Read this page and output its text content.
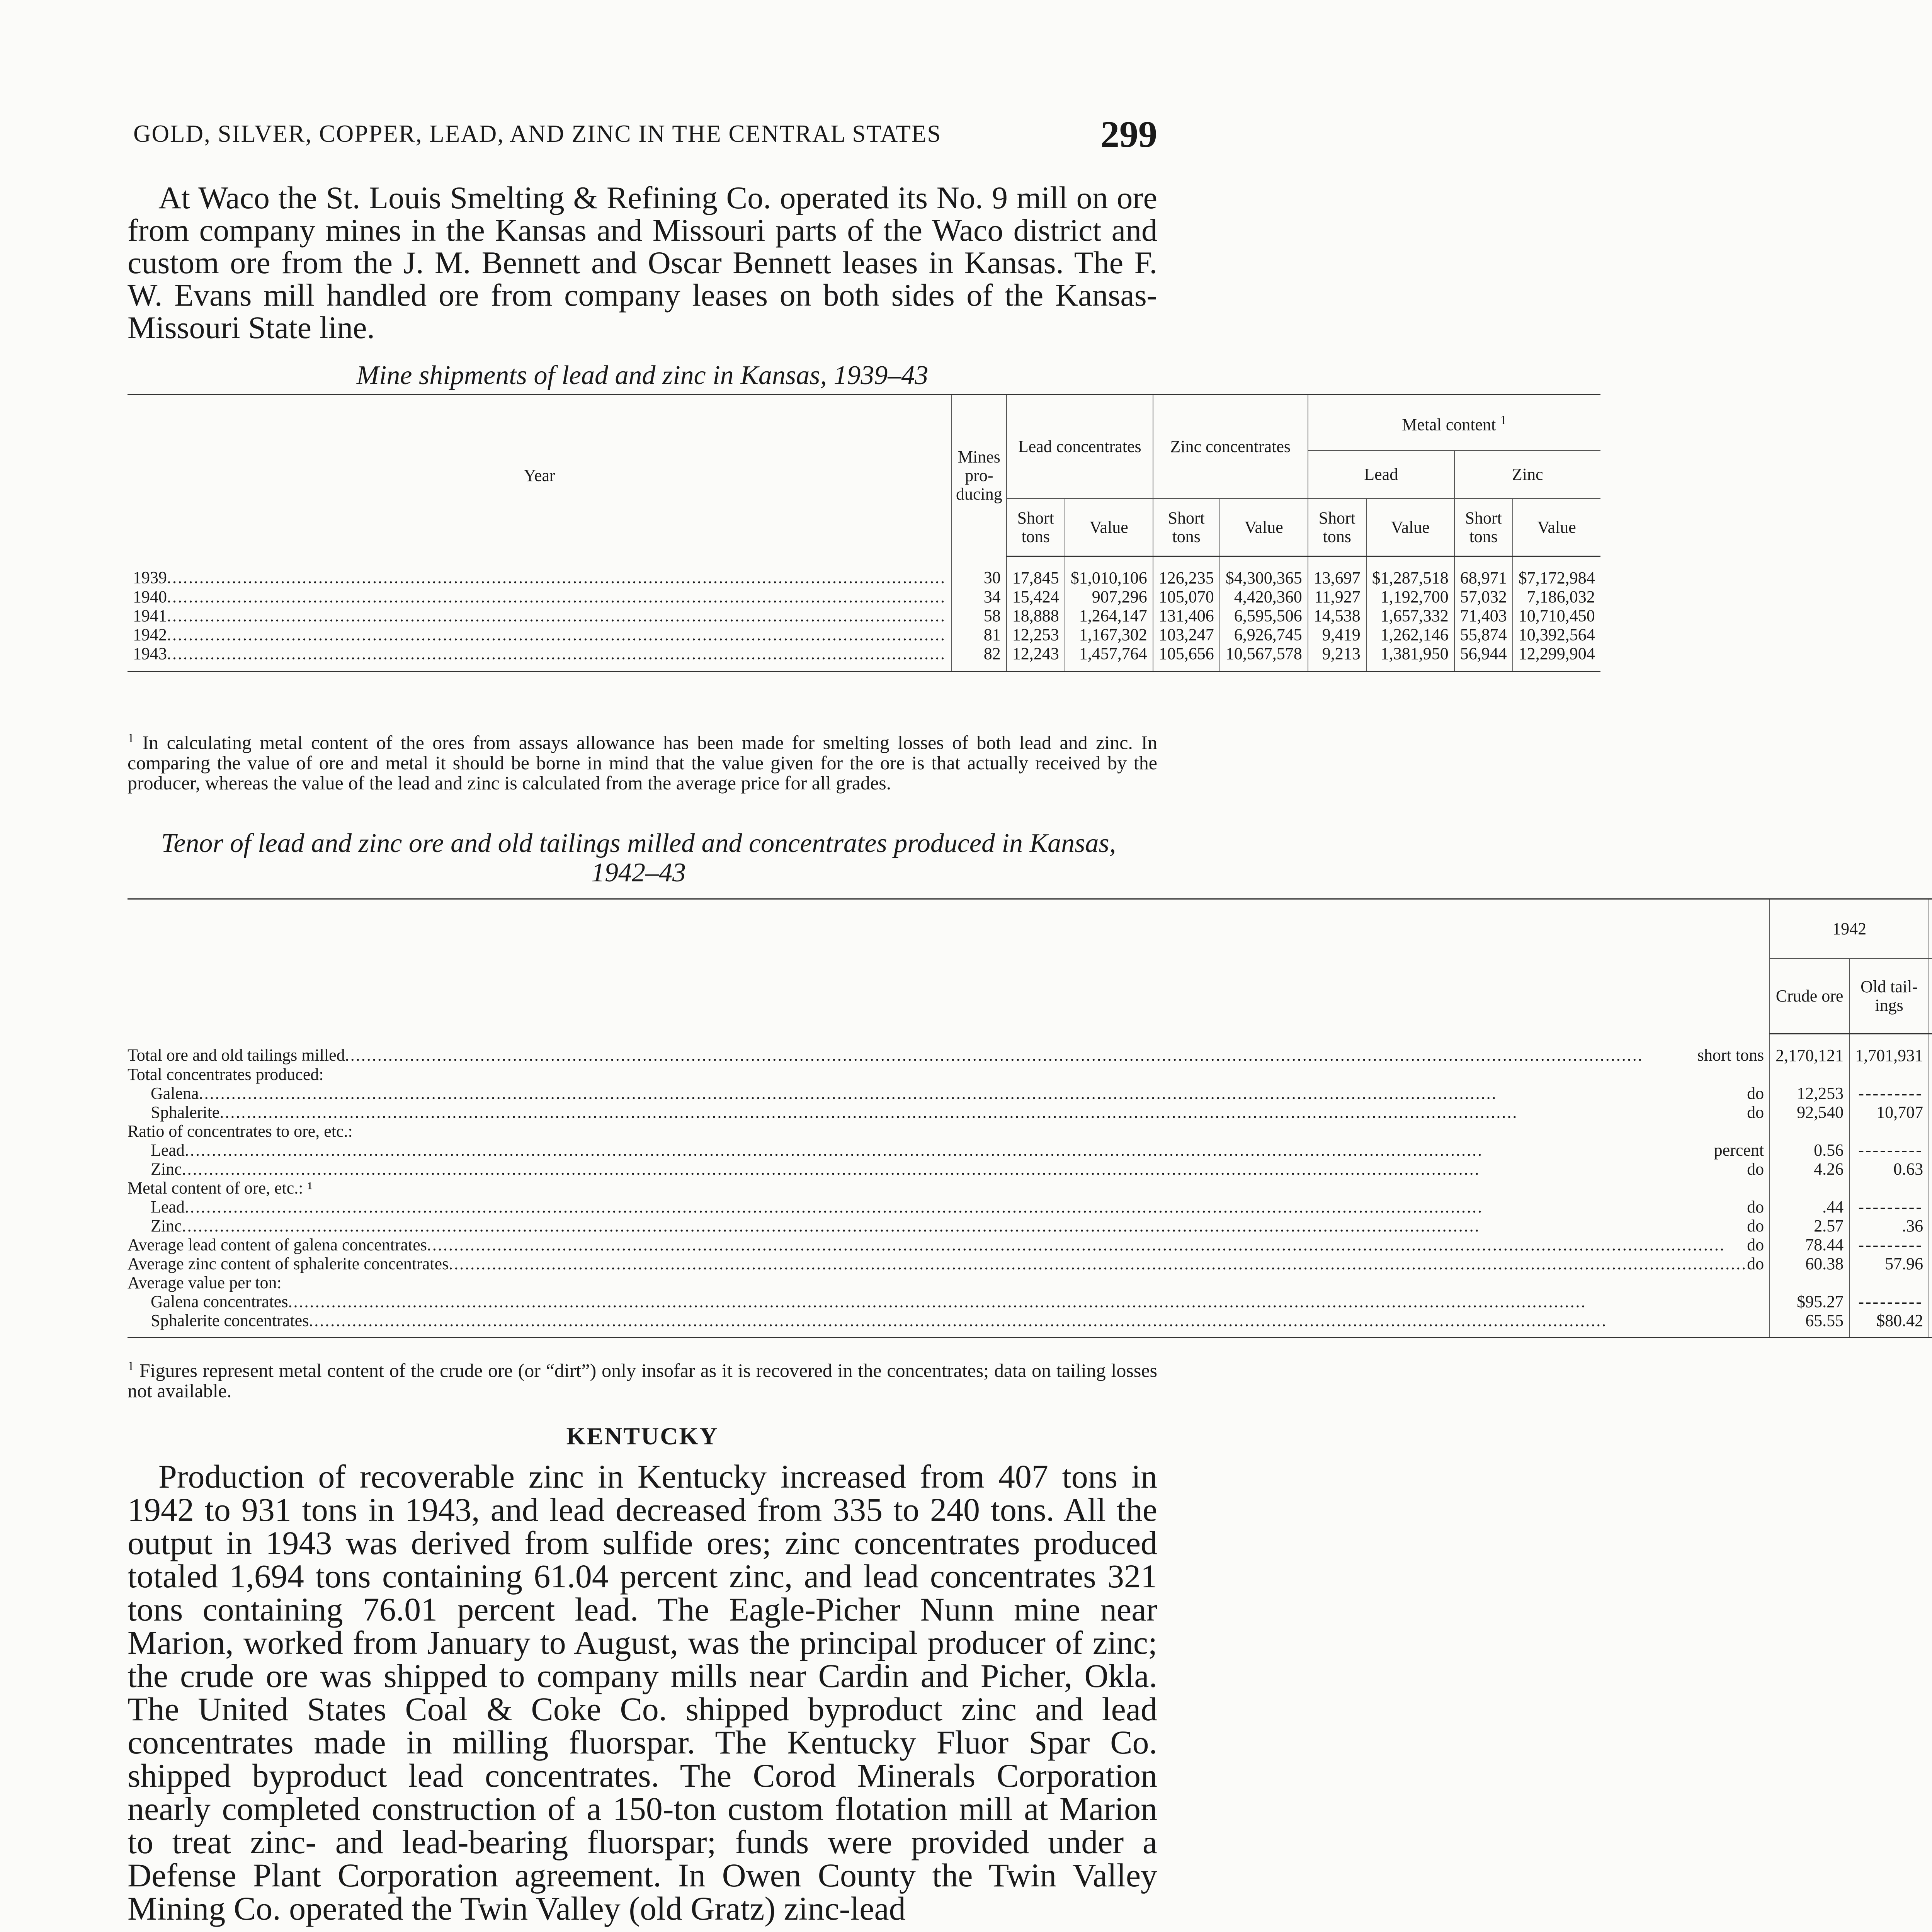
GOLD, SILVER, COPPER, LEAD, AND ZINC IN THE CENTRAL STATES	299

At Waco the St. Louis Smelting & Refining Co. operated its No. 9 mill on ore from company mines in the Kansas and Missouri parts of the Waco district and custom ore from the J. M. Bennett and Oscar Bennett leases in Kansas. The F. W. Evans mill handled ore from company leases on both sides of the Kansas-Missouri State line.

Mine shipments of lead and zinc in Kansas, 1939–43

Year	Mines pro- ducing	Lead concentrates		Zinc concentrates		Metal content $^1$
						Lead		Zinc	
		Short tons	Value	Short tons	Value	Short tons	Value	Short tons	Value

1939
.....	30	17,845	$1,010,106	126,235	$4,300,365	13,697	$1,287,518	68,971	$7,172,984

1940
.....	34	15,424	907,296	105,070	4,420,360	11,927	1,192,700	57,032	7,186,032

1941
.....	58	18,888	1,264,147	131,406	6,595,506	14,538	1,657,332	71,403	10,710,450

1942
.....	81	12,253	1,167,302	103,247	6,926,745	9,419	1,262,146	55,874	10,392,564

1943
.....	82	12,243	1,457,764	105,656	10,567,578	9,213	1,381,950	56,944	12,299,904

$^1$ In calculating metal content of the ores from assays allowance has been made for smelting losses of both lead and zinc. In comparing the value of ore and metal it should be borne in mind that the value given for the ore is that actually received by the producer, whereas the value of the lead and zinc is calculated from the average price for all grades.

Tenor of lead and zinc ore and old tailings milled and concentrates produced in Kansas, 1942–43

	1942	
	Crude ore	Old tail- ings		

Total ore and old tailings milled ..... short tons	2,170,121	1,701,931		

Total concentrates produced:				

Galena ..... do	12,253	---------		

Sphalerite ..... do	92,540	10,707		

Ratio of concentrates to ore, etc.:				

Lead ..... percent	0.56	---------		

Zinc ..... do	4.26	0.63		

Metal content of ore, etc.: ¹				

Lead ..... do	.44	---------		

Zinc ..... do	2.57	.36		

Average lead content of galena concentrates ..... do	78.44	---------		

Average zinc content of sphalerite concentrates ..... do	60.38	57.96		

Average value per ton:				

Galena concentrates
.....	$95.27	---------		

Sphalerite concentrates
.....	65.55	$80.42		

$^1$ Figures represent metal content of the crude ore (or “dirt”) only insofar as it is recovered in the concentrates; data on tailing losses not available.

KENTUCKY

Production of recoverable zinc in Kentucky increased from 407 tons in 1942 to 931 tons in 1943, and lead decreased from 335 to 240 tons. All the output in 1943 was derived from sulfide ores; zinc concentrates produced totaled 1,694 tons containing 61.04 percent zinc, and lead concentrates 321 tons containing 76.01 percent lead. The Eagle-Picher Nunn mine near Marion, worked from January to August, was the principal producer of zinc; the crude ore was shipped to company mills near Cardin and Picher, Okla. The United States Coal & Coke Co. shipped byproduct zinc and lead concentrates made in milling fluorspar. The Kentucky Fluor Spar Co. shipped byproduct lead concentrates. The Corod Minerals Corporation nearly completed construction of a 150-ton custom flotation mill at Marion to treat zinc- and lead-bearing fluorspar; funds were provided under a Defense Plant Corporation agreement. In Owen County the Twin Valley Mining Co. operated the Twin Valley (old Gratz) zinc-lead
